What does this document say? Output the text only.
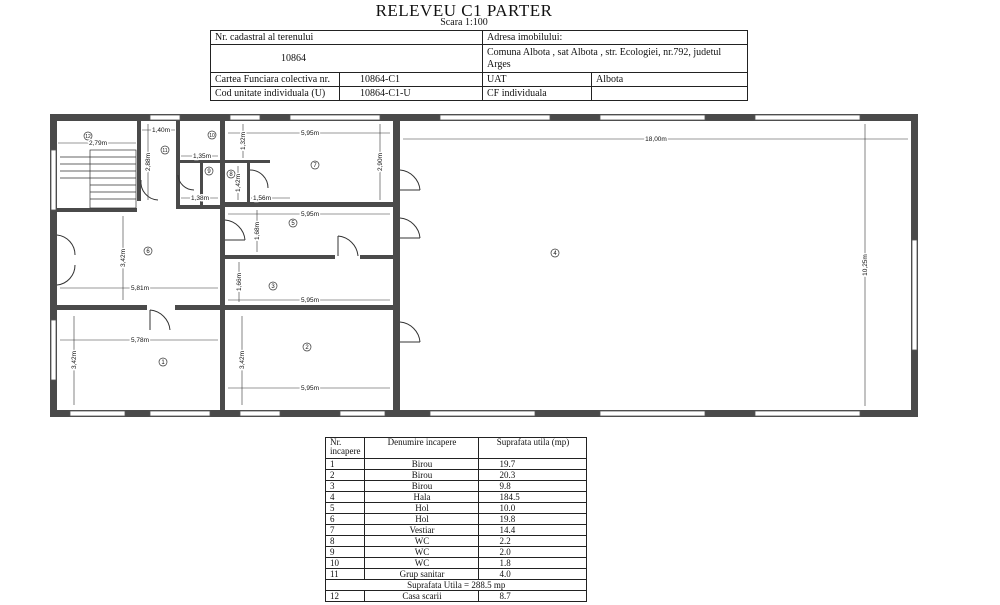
RELEVEU C1 PARTER
Scara 1:100
Nr. cadastral al terenului		Adresa imobilului:	
10864		Comuna Albota , sat Albota , str. Ecologiei, nr.792, judetul Arges	
Cartea Funciara colectiva nr.	10864-C1	UAT	Albota
Cod unitate individuala (U)	10864-C1-U	CF individuala	
1
2
3
4
5
6
7
8
9
10
11
12
5,81m
5,78m
5,95m
5,95m
5,95m
5,95m
18,00m
2,79m
1,40m
1,35m
1,38m	1,56m
3,42m
3,42m	3,42m
1,66m
1,68m
2,90m
10,25m
2,88m
1,32m
1,42m
Nr. incapere	Denumire incapere	Suprafata utila (mp)
1	Birou	19.7
2	Birou	20.3
3	Birou	9.8
4	Hala	184.5
5	Hol	10.0
6	Hol	19.8
7	Vestiar	14.4
8	WC	2.2
9	WC	2.0
10	WC	1.8
11	Grup sanitar	4.0
Suprafata Utila = 288.5 mp		
12	Casa scarii	8.7
